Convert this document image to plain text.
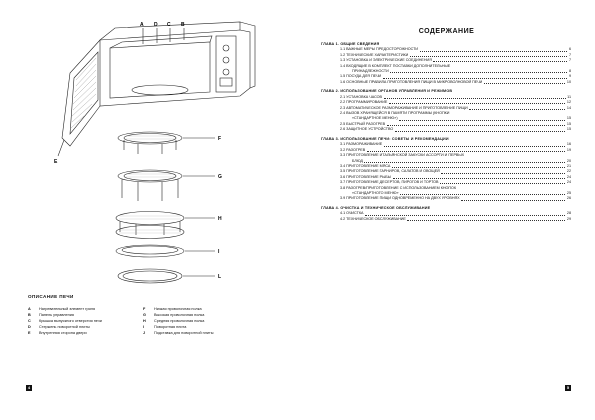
A D C B
E
F
G
H
I
L
ОПИСАНИЕ ПЕЧИ
A	Нагревательный элемент гриля
B	Панель управления
C	Крышка выпускного отверстия печи
D	Стержень поворотной плиты
E	Внутренняя сторона двери
F	Низкая проволочная полка
G	Высокая проволочная полка
H	Средняя проволочная полка
I	Поворотная плита
J	Подставка для поворотной плиты
4
СОДЕРЖАНИЕ
ГЛАВА 1. ОБЩИЕ СВЕДЕНИЯ
1.1 ВАЖНЫЕ МЕРЫ ПРЕДОСТОРОЖНОСТИ	6
1.2 ТЕХНИЧЕСКИЕ ХАРАКТЕРИСТИКИ	7
1.3 УСТАНОВКА И ЭЛЕКТРИЧЕСКИЕ СОЕДИНЕНИЯ	7
1.4 ВХОДЯЩИЕ В КОМПЛЕКТ ПОСТАВКИ ДОПОЛНИТЕЛЬНЫЕ
ПРИНАДЛЕЖНОСТИ	8
1.5 ПОСУДА ДЛЯ ПЕЧИ	9
1.6 ОСНОВНЫЕ ПРАВИЛА ПРИГОТОВЛЕНИЯ ПИЩИ В МИКРОВОЛНОВОЙ ПЕЧИ	10
ГЛАВА 2. ИСПОЛЬЗОВАНИЕ ОРГАНОВ УПРАВЛЕНИЯ И РЕЖИМОВ
2.1 УСТАНОВКА ЧАСОВ	11
2.2 ПРОГРАММИРОВАНИЕ	12
2.3 АВТОМАТИЧЕСКОЕ РАЗМОРАЖИВАНИЕ И ПРИГОТОВЛЕНИЕ ПИЩИ	14
2.4 ВЫЗОВ ХРАНЯЩЕЙСЯ В ПАМЯТИ ПРОГРАММЫ (КНОПКИ
«СТАНДАРТНОЕ МЕНЮ»)	15
2.5 БЫСТРЫЙ РАЗОГРЕВ	15
2.6 ЗАЩИТНОЕ УСТРОЙСТВО	15
ГЛАВА 3. ИСПОЛЬЗОВАНИЕ ПЕЧИ: СОВЕТЫ И РЕКОМЕНДАЦИИ
3.1 РАЗМОРАЖИВАНИЕ	16
3.2 РАЗОГРЕВ	19
3.3 ПРИГОТОВЛЕНИЕ ИТАЛЬЯНСКОЙ ЗАКУСКИ АССОРТИ И ПЕРВЫХ
БЛЮД	20
3.4 ПРИГОТОВЛЕНИЕ МЯСА	21
3.5 ПРИГОТОВЛЕНИЕ ГАРНИРОВ, САЛАТОВ И ОВОЩЕЙ	22
3.6 ПРИГОТОВЛЕНИЕ РЫБЫ	24
3.7 ПРИГОТОВЛЕНИЕ ДЕСЕРТОВ, ПИРОГОВ И ТОРТОВ	24
3.8 РАЗОГРЕВ/ПРИГОТОВЛЕНИЕ С ИСПОЛЬЗОВАНИЕМ КНОПОК
«СТАНДАРТНОГО МЕНЮ»	25
3.9 ПРИГОТОВЛЕНИЕ ПИЩИ ОДНОВРЕМЕННО НА ДВУХ УРОВНЯХ	26
ГЛАВА 4. ОЧИСТКА И ТЕХНИЧЕСКОЕ ОБСЛУЖИВАНИЕ
4.1 ОЧИСТКА	28
4.2 ТЕХНИЧЕСКОЕ ОБСЛУЖИВАНИЕ	29
5
